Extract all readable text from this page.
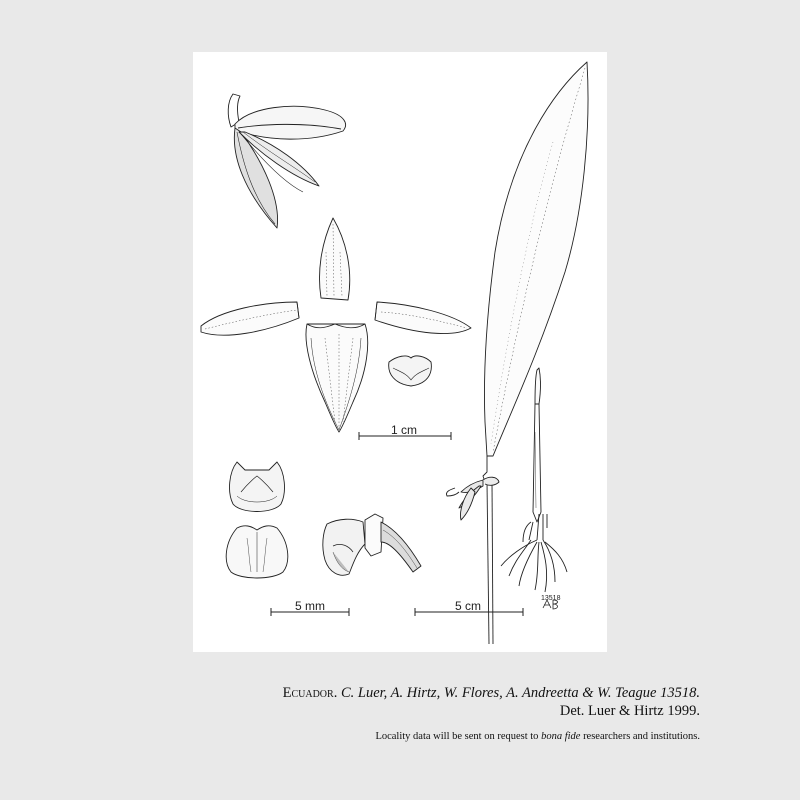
1 cm
5 mm	5 cm
13518
Ecuador. C. Luer, A. Hirtz, W. Flores, A. Andreetta & W. Teague 13518.
Det. Luer & Hirtz 1999.
Locality data will be sent on request to bona fide researchers and institutions.
